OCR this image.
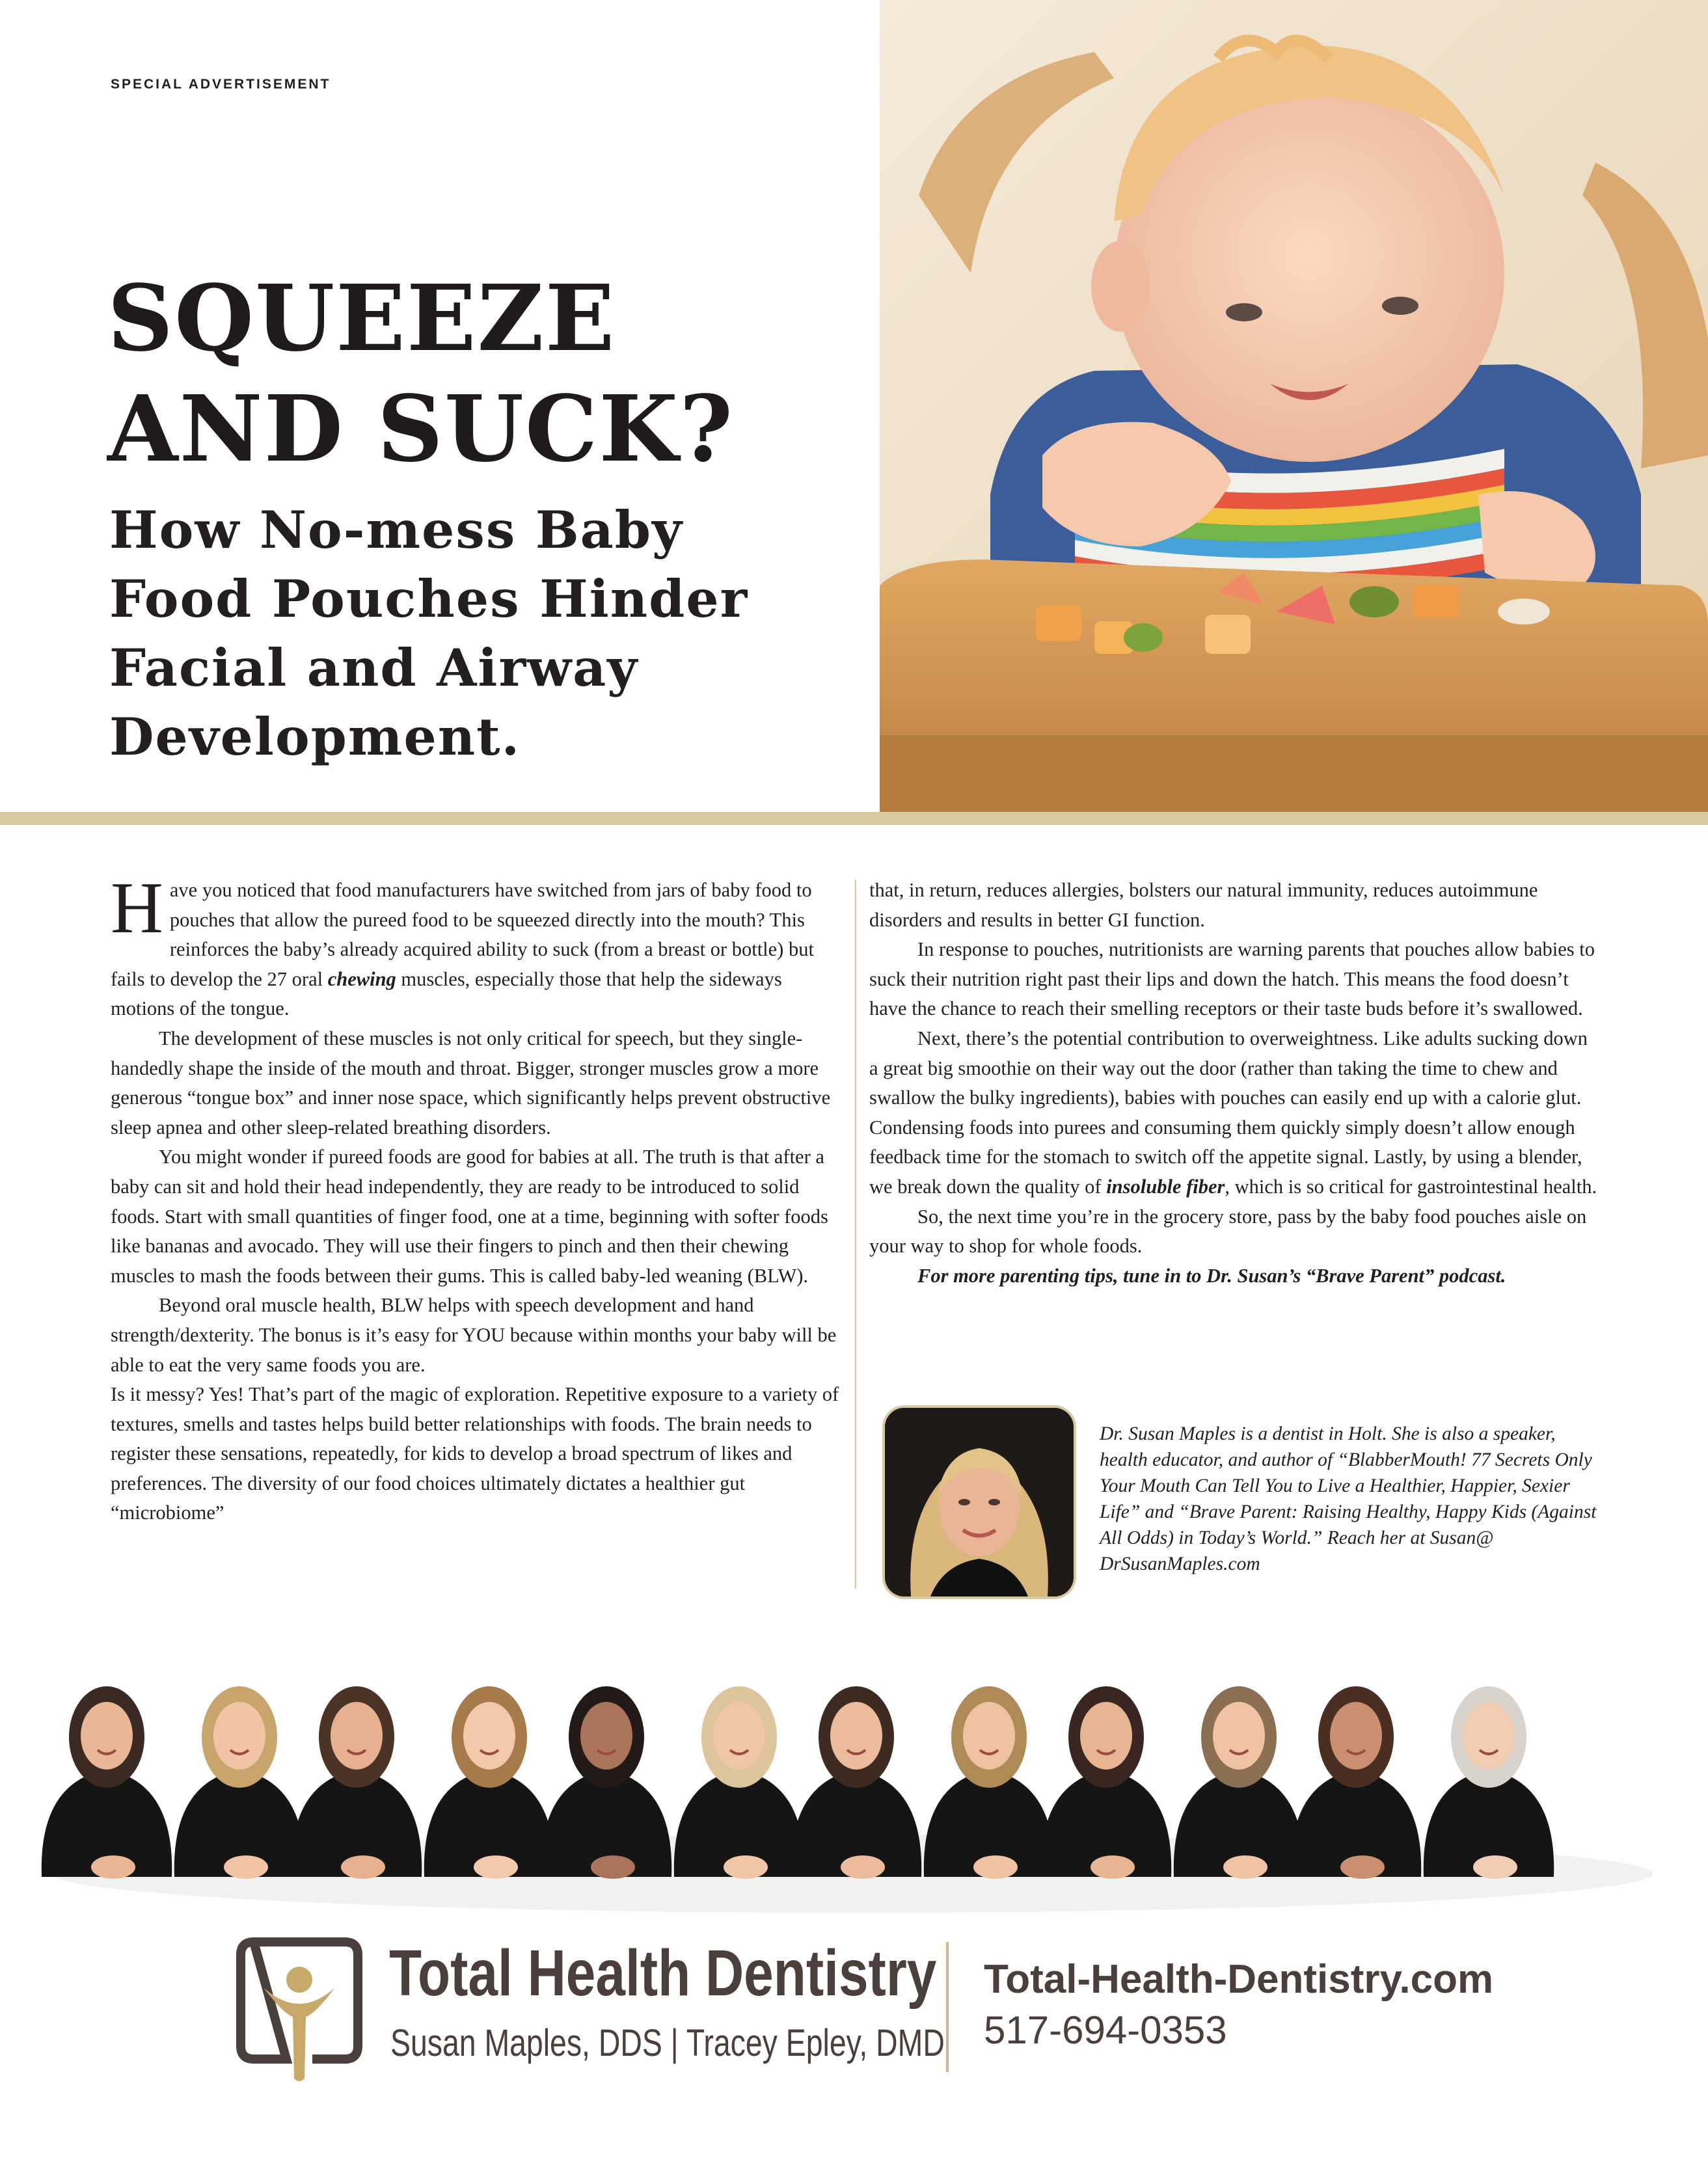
SPECIAL ADVERTISEMENT
SQUEEZE
AND SUCK?
How No-mess Baby
Food Pouches Hinder
Facial and Airway
Development.

Have you noticed that food manufacturers have switched from jars of baby food to pouches that allow the pureed food to be squeezed directly into the mouth? This reinforces the baby’s already acquired ability to suck (from a breast or bottle) but fails to develop the 27 oral chewing muscles, especially those that help the sideways motions of the tongue.

The development of these muscles is not only critical for speech, but they single-handedly shape the inside of the mouth and throat. Bigger, stronger muscles grow a more generous “tongue box” and inner nose space, which significantly helps prevent obstructive sleep apnea and other sleep-related breathing disorders.

You might wonder if pureed foods are good for babies at all. The truth is that after a baby can sit and hold their head independently, they are ready to be introduced to solid foods. Start with small quantities of finger food, one at a time, beginning with softer foods like bananas and avocado. They will use their fingers to pinch and then their chewing muscles to mash the foods between their gums. This is called baby-led weaning (BLW).

Beyond oral muscle health, BLW helps with speech development and hand strength/dexterity. The bonus is it’s easy for YOU because within months your baby will be able to eat the very same foods you are.

Is it messy? Yes! That’s part of the magic of exploration. Repetitive exposure to a variety of textures, smells and tastes helps build better relationships with foods. The brain needs to register these sensations, repeatedly, for kids to develop a broad spectrum of likes and preferences. The diversity of our food choices ultimately dictates a healthier gut “microbiome”

that, in return, reduces allergies, bolsters our natural immunity, reduces autoimmune disorders and results in better GI function.

In response to pouches, nutritionists are warning parents that pouches allow babies to suck their nutrition right past their lips and down the hatch. This means the food doesn’t have the chance to reach their smelling receptors or their taste buds before it’s swallowed.

Next, there’s the potential contribution to overweightness. Like adults sucking down a great big smoothie on their way out the door (rather than taking the time to chew and swallow the bulky ingredients), babies with pouches can easily end up with a calorie glut. Condensing foods into purees and consuming them quickly simply doesn’t allow enough feedback time for the stomach to switch off the appetite signal. Lastly, by using a blender, we break down the quality of insoluble fiber, which is so critical for gastrointestinal health.

So, the next time you’re in the grocery store, pass by the baby food pouches aisle on your way to shop for whole foods.

For more parenting tips, tune in to Dr. Susan’s “Brave Parent” podcast.

Dr. Susan Maples is a dentist in Holt. She is also a speaker, health educator, and author of “BlabberMouth! 77 Secrets Only Your Mouth Can Tell You to Live a Healthier, Happier, Sexier Life” and “Brave Parent: Raising Healthy, Happy Kids (Against All Odds) in Today’s World.” Reach her at Susan@ DrSusanMaples.com
Total Health Dentistry
Susan Maples, DDS | Tracey Epley, DMD
Total-Health-Dentistry.com
517-694-0353
